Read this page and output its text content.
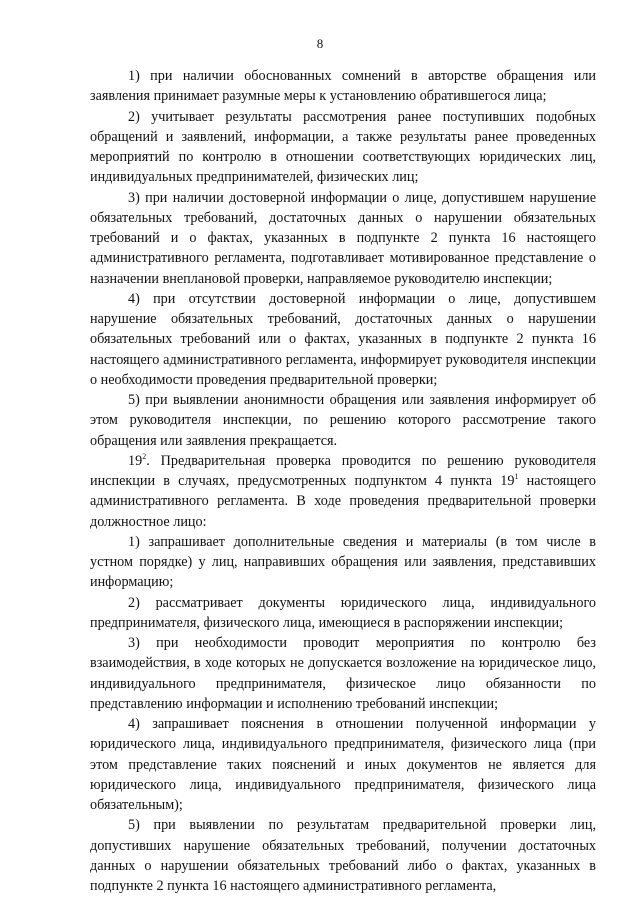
8

1) при наличии обоснованных сомнений в авторстве обращения или заявления принимает разумные меры к установлению обратившегося лица;

2) учитывает результаты рассмотрения ранее поступивших подобных обращений и заявлений, информации, а также результаты ранее проведенных мероприятий по контролю в отношении соответствующих юридических лиц, индивидуальных предпринимателей, физических лиц;

3) при наличии достоверной информации о лице, допустившем нарушение обязательных требований, достаточных данных о нарушении обязательных требований и о фактах, указанных в подпункте 2 пункта 16 настоящего административного регламента, подготавливает мотивированное представление о назначении внеплановой проверки, направляемое руководителю инспекции;

4) при отсутствии достоверной информации о лице, допустившем нарушение обязательных требований, достаточных данных о нарушении обязательных требований или о фактах, указанных в подпункте 2 пункта 16 настоящего административного регламента, информирует руководителя инспекции о необходимости проведения предварительной проверки;

5) при выявлении анонимности обращения или заявления информирует об этом руководителя инспекции, по решению которого рассмотрение такого обращения или заявления прекращается.

$19^2$. Предварительная проверка проводится по решению руководителя инспекции в случаях, предусмотренных подпунктом 4 пункта $19^1$ настоящего административного регламента. В ходе проведения предварительной проверки должностное лицо:

1) запрашивает дополнительные сведения и материалы (в том числе в устном порядке) у лиц, направивших обращения или заявления, представивших информацию;

2) рассматривает документы юридического лица, индивидуального предпринимателя, физического лица, имеющиеся в распоряжении инспекции;

3) при необходимости проводит мероприятия по контролю без взаимодействия, в ходе которых не допускается возложение на юридическое лицо, индивидуального предпринимателя, физическое лицо обязанности по представлению информации и исполнению требований инспекции;

4) запрашивает пояснения в отношении полученной информации у юридического лица, индивидуального предпринимателя, физического лица (при этом представление таких пояснений и иных документов не является для юридического лица, индивидуального предпринимателя, физического лица обязательным);

5) при выявлении по результатам предварительной проверки лиц, допустивших нарушение обязательных требований, получении достаточных данных о нарушении обязательных требований либо о фактах, указанных в подпункте 2 пункта 16 настоящего административного регламента,
